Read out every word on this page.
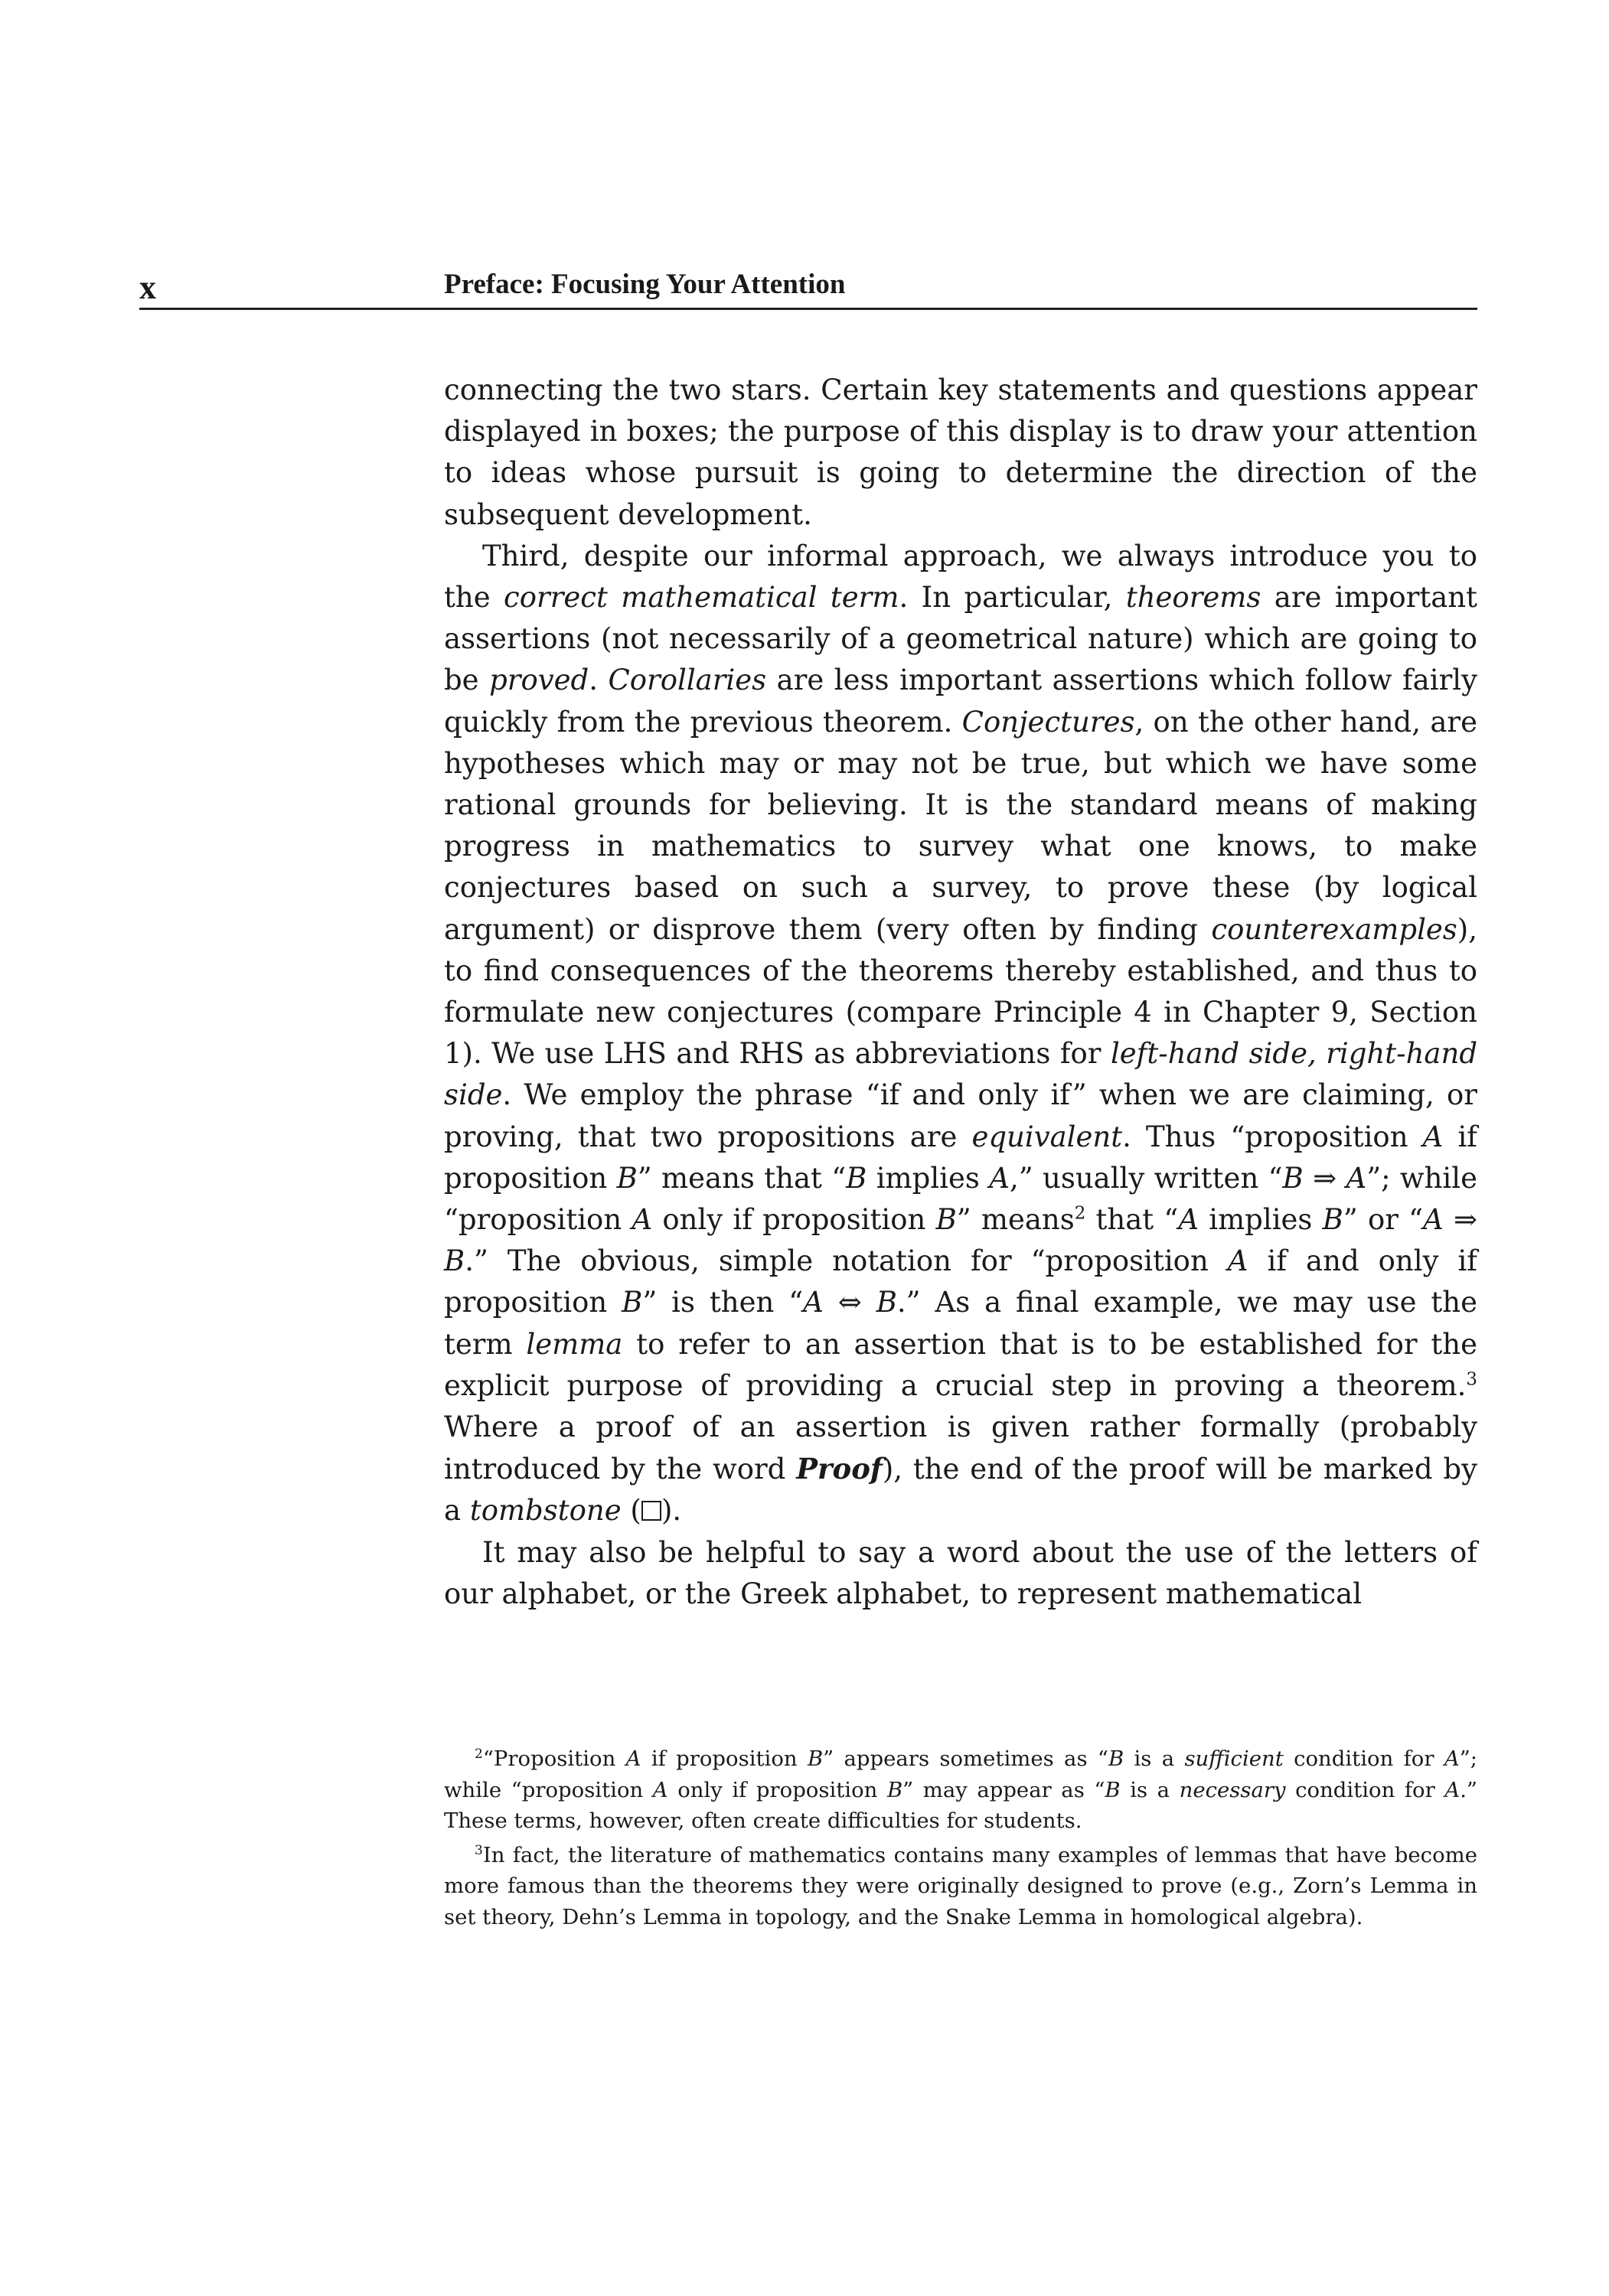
x	Preface: Focusing Your Attention

connecting the two stars. Certain key statements and questions appear displayed in boxes; the purpose of this display is to draw your attention to ideas whose pursuit is going to determine the direction of the subsequent development.

Third, despite our informal approach, we always introduce you to the correct mathematical term. In particular, theorems are important assertions (not necessarily of a geometrical nature) which are going to be proved. Corollaries are less important assertions which follow fairly quickly from the previous theorem. Conjectures, on the other hand, are hypotheses which may or may not be true, but which we have some rational grounds for believing. It is the standard means of making progress in mathematics to survey what one knows, to make conjectures based on such a survey, to prove these (by logical argument) or disprove them (very often by finding counterexamples), to find consequences of the theorems thereby established, and thus to formulate new conjectures (compare Principle 4 in Chapter 9, Section 1). We use LHS and RHS as abbreviations for left-hand side, right-hand side. We employ the phrase “if and only if” when we are claiming, or proving, that two propositions are equivalent. Thus “proposition A if proposition B” means that “B implies A,” usually written “B ⇒ A”; while “proposition A only if proposition B” means$^2$ that “A implies B” or “A ⇒ B.” The obvious, simple notation for “proposition A if and only if proposition B” is then “A ⇔ B.” As a final example, we may use the term lemma to refer to an assertion that is to be established for the explicit purpose of providing a crucial step in proving a theorem.$^3$ Where a proof of an assertion is given rather formally (probably introduced by the word Proof), the end of the proof will be marked by a tombstone ( ).

It may also be helpful to say a word about the use of the letters of our alphabet, or the Greek alphabet, to represent mathematical

$^2$“Proposition A if proposition B” appears sometimes as “B is a sufficient condition for A”; while “proposition A only if proposition B” may appear as “B is a necessary condition for A.” These terms, however, often create difficulties for students.

$^3$In fact, the literature of mathematics contains many examples of lemmas that have become more famous than the theorems they were originally designed to prove (e.g., Zorn’s Lemma in set theory, Dehn’s Lemma in topology, and the Snake Lemma in homological algebra).
